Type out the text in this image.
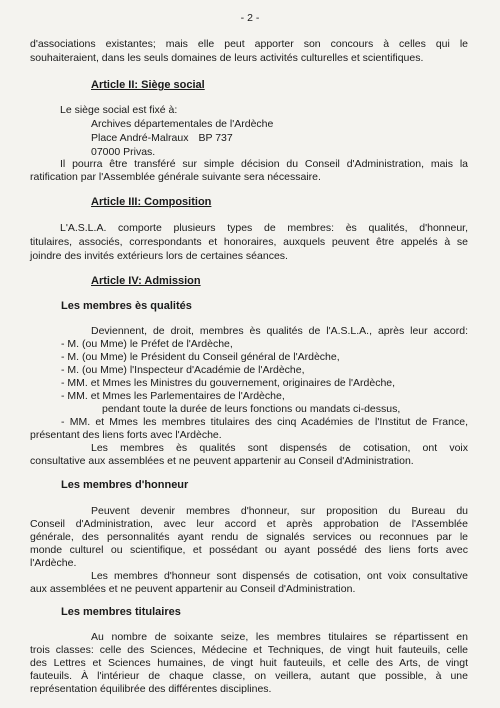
- 2 -
d'associations existantes; mais elle peut apporter son concours à celles qui le
souhaiteraient, dans les seuls domaines de leurs activités culturelles et scientifiques.
Article II: Siège social
Le siège social est fixé à:
Archives départementales de l'Ardèche
Place André-Malraux BP 737
07000 Privas.
Il pourra être transféré sur simple décision du Conseil d'Administration, mais la
ratification par l'Assemblée générale suivante sera nécessaire.
Article III: Composition
L'A.S.L.A. comporte plusieurs types de membres: ès qualités, d'honneur,
titulaires, associés, correspondants et honoraires, auxquels peuvent être appelés à se
joindre des invités extérieurs lors de certaines séances.
Article IV: Admission
Les membres ès qualités
Deviennent, de droit, membres ès qualités de l'A.S.L.A., après leur accord:
- M. (ou Mme) le Préfet de l'Ardèche,
- M. (ou Mme) le Président du Conseil général de l'Ardèche,
- M. (ou Mme) l'Inspecteur d'Académie de l'Ardèche,
- MM. et Mmes les Ministres du gouvernement, originaires de l'Ardèche,
- MM. et Mmes les Parlementaires de l'Ardèche,
pendant toute la durée de leurs fonctions ou mandats ci-dessus,
- MM. et Mmes les membres titulaires des cinq Académies de l'Institut de France,
présentant des liens forts avec l'Ardèche.
Les membres ès qualités sont dispensés de cotisation, ont voix
consultative aux assemblées et ne peuvent appartenir au Conseil d'Administration.
Les membres d'honneur
Peuvent devenir membres d'honneur, sur proposition du Bureau du
Conseil d'Administration, avec leur accord et après approbation de l'Assemblée
générale, des personnalités ayant rendu de signalés services ou reconnues par le
monde culturel ou scientifique, et possédant ou ayant possédé des liens forts avec
l'Ardèche.
Les membres d'honneur sont dispensés de cotisation, ont voix consultative
aux assemblées et ne peuvent appartenir au Conseil d'Administration.
Les membres titulaires
Au nombre de soixante seize, les membres titulaires se répartissent en
trois classes: celle des Sciences, Médecine et Techniques, de vingt huit fauteuils, celle
des Lettres et Sciences humaines, de vingt huit fauteuils, et celle des Arts, de vingt
fauteuils. À l'intérieur de chaque classe, on veillera, autant que possible, à une
représentation équilibrée des différentes disciplines.
